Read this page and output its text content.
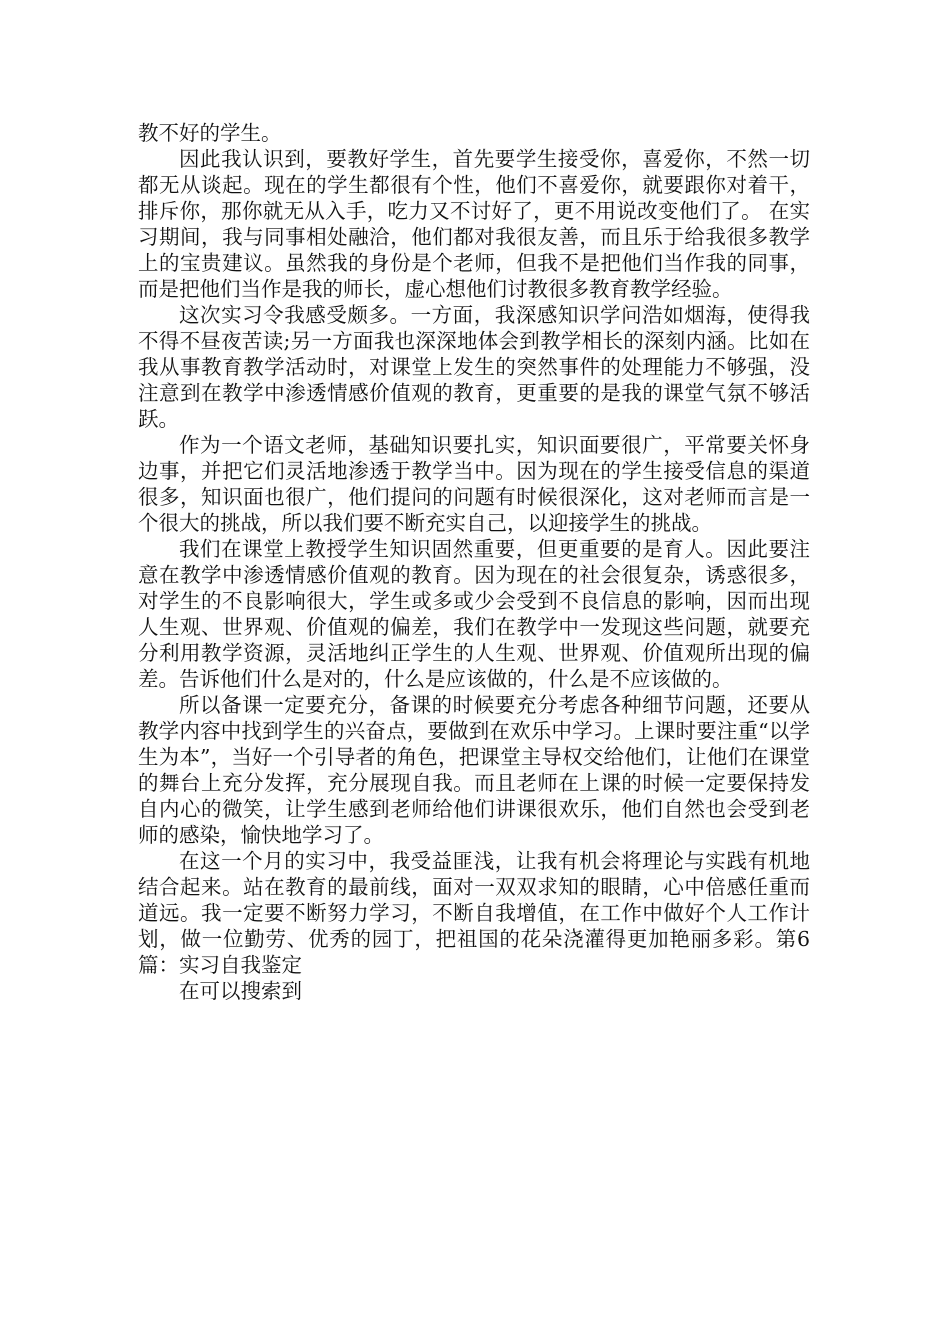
教不好的学生。

因此我认识到，要教好学生，首先要学生接受你，喜爱你，不然一切都无从谈起。现在的学生都很有个性，他们不喜爱你，就要跟你对着干，排斥你，那你就无从入手，吃力又不讨好了，更不用说改变他们了。 在实习期间，我与同事相处融洽，他们都对我很友善，而且乐于给我很多教学上的宝贵建议。虽然我的身份是个老师，但我不是把他们当作我的同事，而是把他们当作是我的师长，虚心想他们讨教很多教育教学经验。

这次实习令我感受颇多。一方面，我深感知识学问浩如烟海，使得我不得不昼夜苦读;另一方面我也深深地体会到教学相长的深刻内涵。比如在我从事教育教学活动时，对课堂上发生的突然事件的处理能力不够强，没注意到在教学中渗透情感价值观的教育，更重要的是我的课堂气氛不够活跃。

作为一个语文老师，基础知识要扎实，知识面要很广，平常要关怀身边事，并把它们灵活地渗透于教学当中。因为现在的学生接受信息的渠道很多，知识面也很广，他们提问的问题有时候很深化，这对老师而言是一个很大的挑战，所以我们要不断充实自己，以迎接学生的挑战。

我们在课堂上教授学生知识固然重要，但更重要的是育人。因此要注意在教学中渗透情感价值观的教育。因为现在的社会很复杂，诱惑很多，对学生的不良影响很大，学生或多或少会受到不良信息的影响，因而出现人生观、世界观、价值观的偏差，我们在教学中一发现这些问题，就要充分利用教学资源，灵活地纠正学生的人生观、世界观、价值观所出现的偏差。告诉他们什么是对的，什么是应该做的，什么是不应该做的。

所以备课一定要充分，备课的时候要充分考虑各种细节问题，还要从教学内容中找到学生的兴奋点，要做到在欢乐中学习。上课时要注重“以学生为本”，当好一个引导者的角色，把课堂主导权交给他们，让他们在课堂的舞台上充分发挥，充分展现自我。而且老师在上课的时候一定要保持发自内心的微笑，让学生感到老师给他们讲课很欢乐，他们自然也会受到老师的感染，愉快地学习了。

在这一个月的实习中，我受益匪浅，让我有机会将理论与实践有机地结合起来。站在教育的最前线，面对一双双求知的眼睛，心中倍感任重而道远。我一定要不断努力学习，不断自我增值，在工作中做好个人工作计划，做一位勤劳、优秀的园丁，把祖国的花朵浇灌得更加艳丽多彩。第6篇：实习自我鉴定

在可以搜索到
